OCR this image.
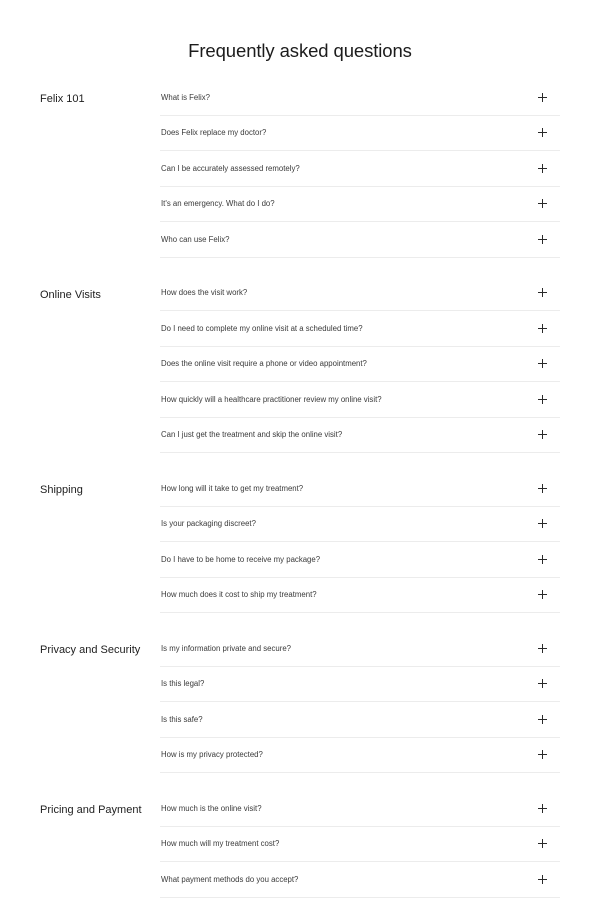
Frequently asked questions
Felix 101	What is Felix?
Does Felix replace my doctor?
Can I be accurately assessed remotely?
It's an emergency. What do I do?
Who can use Felix?
Online Visits	How does the visit work?
Do I need to complete my online visit at a scheduled time?
Does the online visit require a phone or video appointment?
How quickly will a healthcare practitioner review my online visit?
Can I just get the treatment and skip the online visit?
Shipping	How long will it take to get my treatment?
Is your packaging discreet?
Do I have to be home to receive my package?
How much does it cost to ship my treatment?
Privacy and Security	Is my information private and secure?
Is this legal?
Is this safe?
How is my privacy protected?
Pricing and Payment	How much is the online visit?
How much will my treatment cost?
What payment methods do you accept?
